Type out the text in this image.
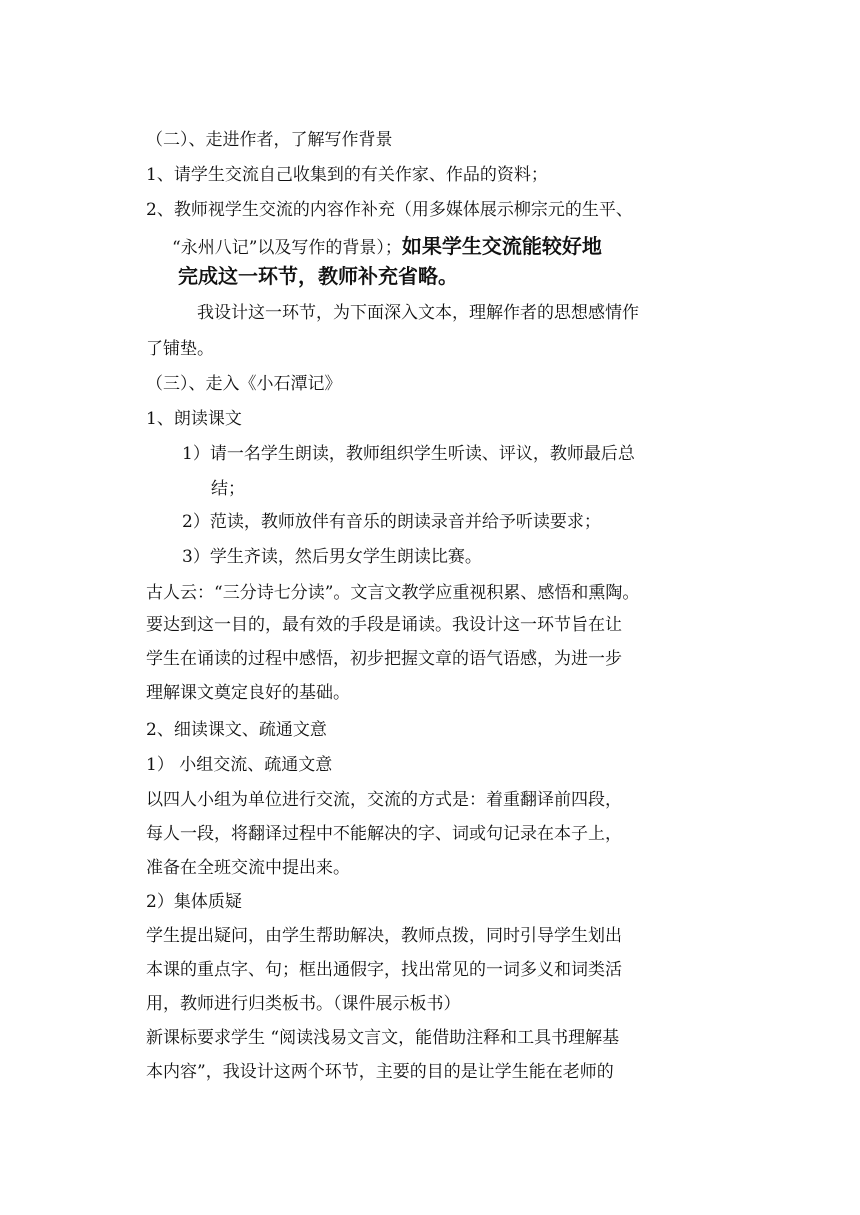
（二）、走进作者，了解写作背景
1、请学生交流自己收集到的有关作家、作品的资料；
2、教师视学生交流的内容作补充（用多媒体展示柳宗元的生平、
“永州八记”以及写作的背景）；如果学生交流能较好地
完成这一环节，教师补充省略。
我设计这一环节，为下面深入文本，理解作者的思想感情作
了铺垫。
（三）、走入《小石潭记》
1、朗读课文
1）请一名学生朗读，教师组织学生听读、评议，教师最后总
结；
2）范读，教师放伴有音乐的朗读录音并给予听读要求；
3）学生齐读，然后男女学生朗读比赛。
古人云：“三分诗七分读”。文言文教学应重视积累、感悟和熏陶。
要达到这一目的，最有效的手段是诵读。我设计这一环节旨在让
学生在诵读的过程中感悟，初步把握文章的语气语感，为进一步
理解课文奠定良好的基础。
2、细读课文、疏通文意
1） 小组交流、疏通文意
以四人小组为单位进行交流，交流的方式是：着重翻译前四段，
每人一段，将翻译过程中不能解决的字、词或句记录在本子上，
准备在全班交流中提出来。
2）集体质疑
学生提出疑问，由学生帮助解决，教师点拨，同时引导学生划出
本课的重点字、句；框出通假字，找出常见的一词多义和词类活
用，教师进行归类板书。（课件展示板书）
新课标要求学生 “阅读浅易文言文，能借助注释和工具书理解基
本内容”，我设计这两个环节，主要的目的是让学生能在老师的
